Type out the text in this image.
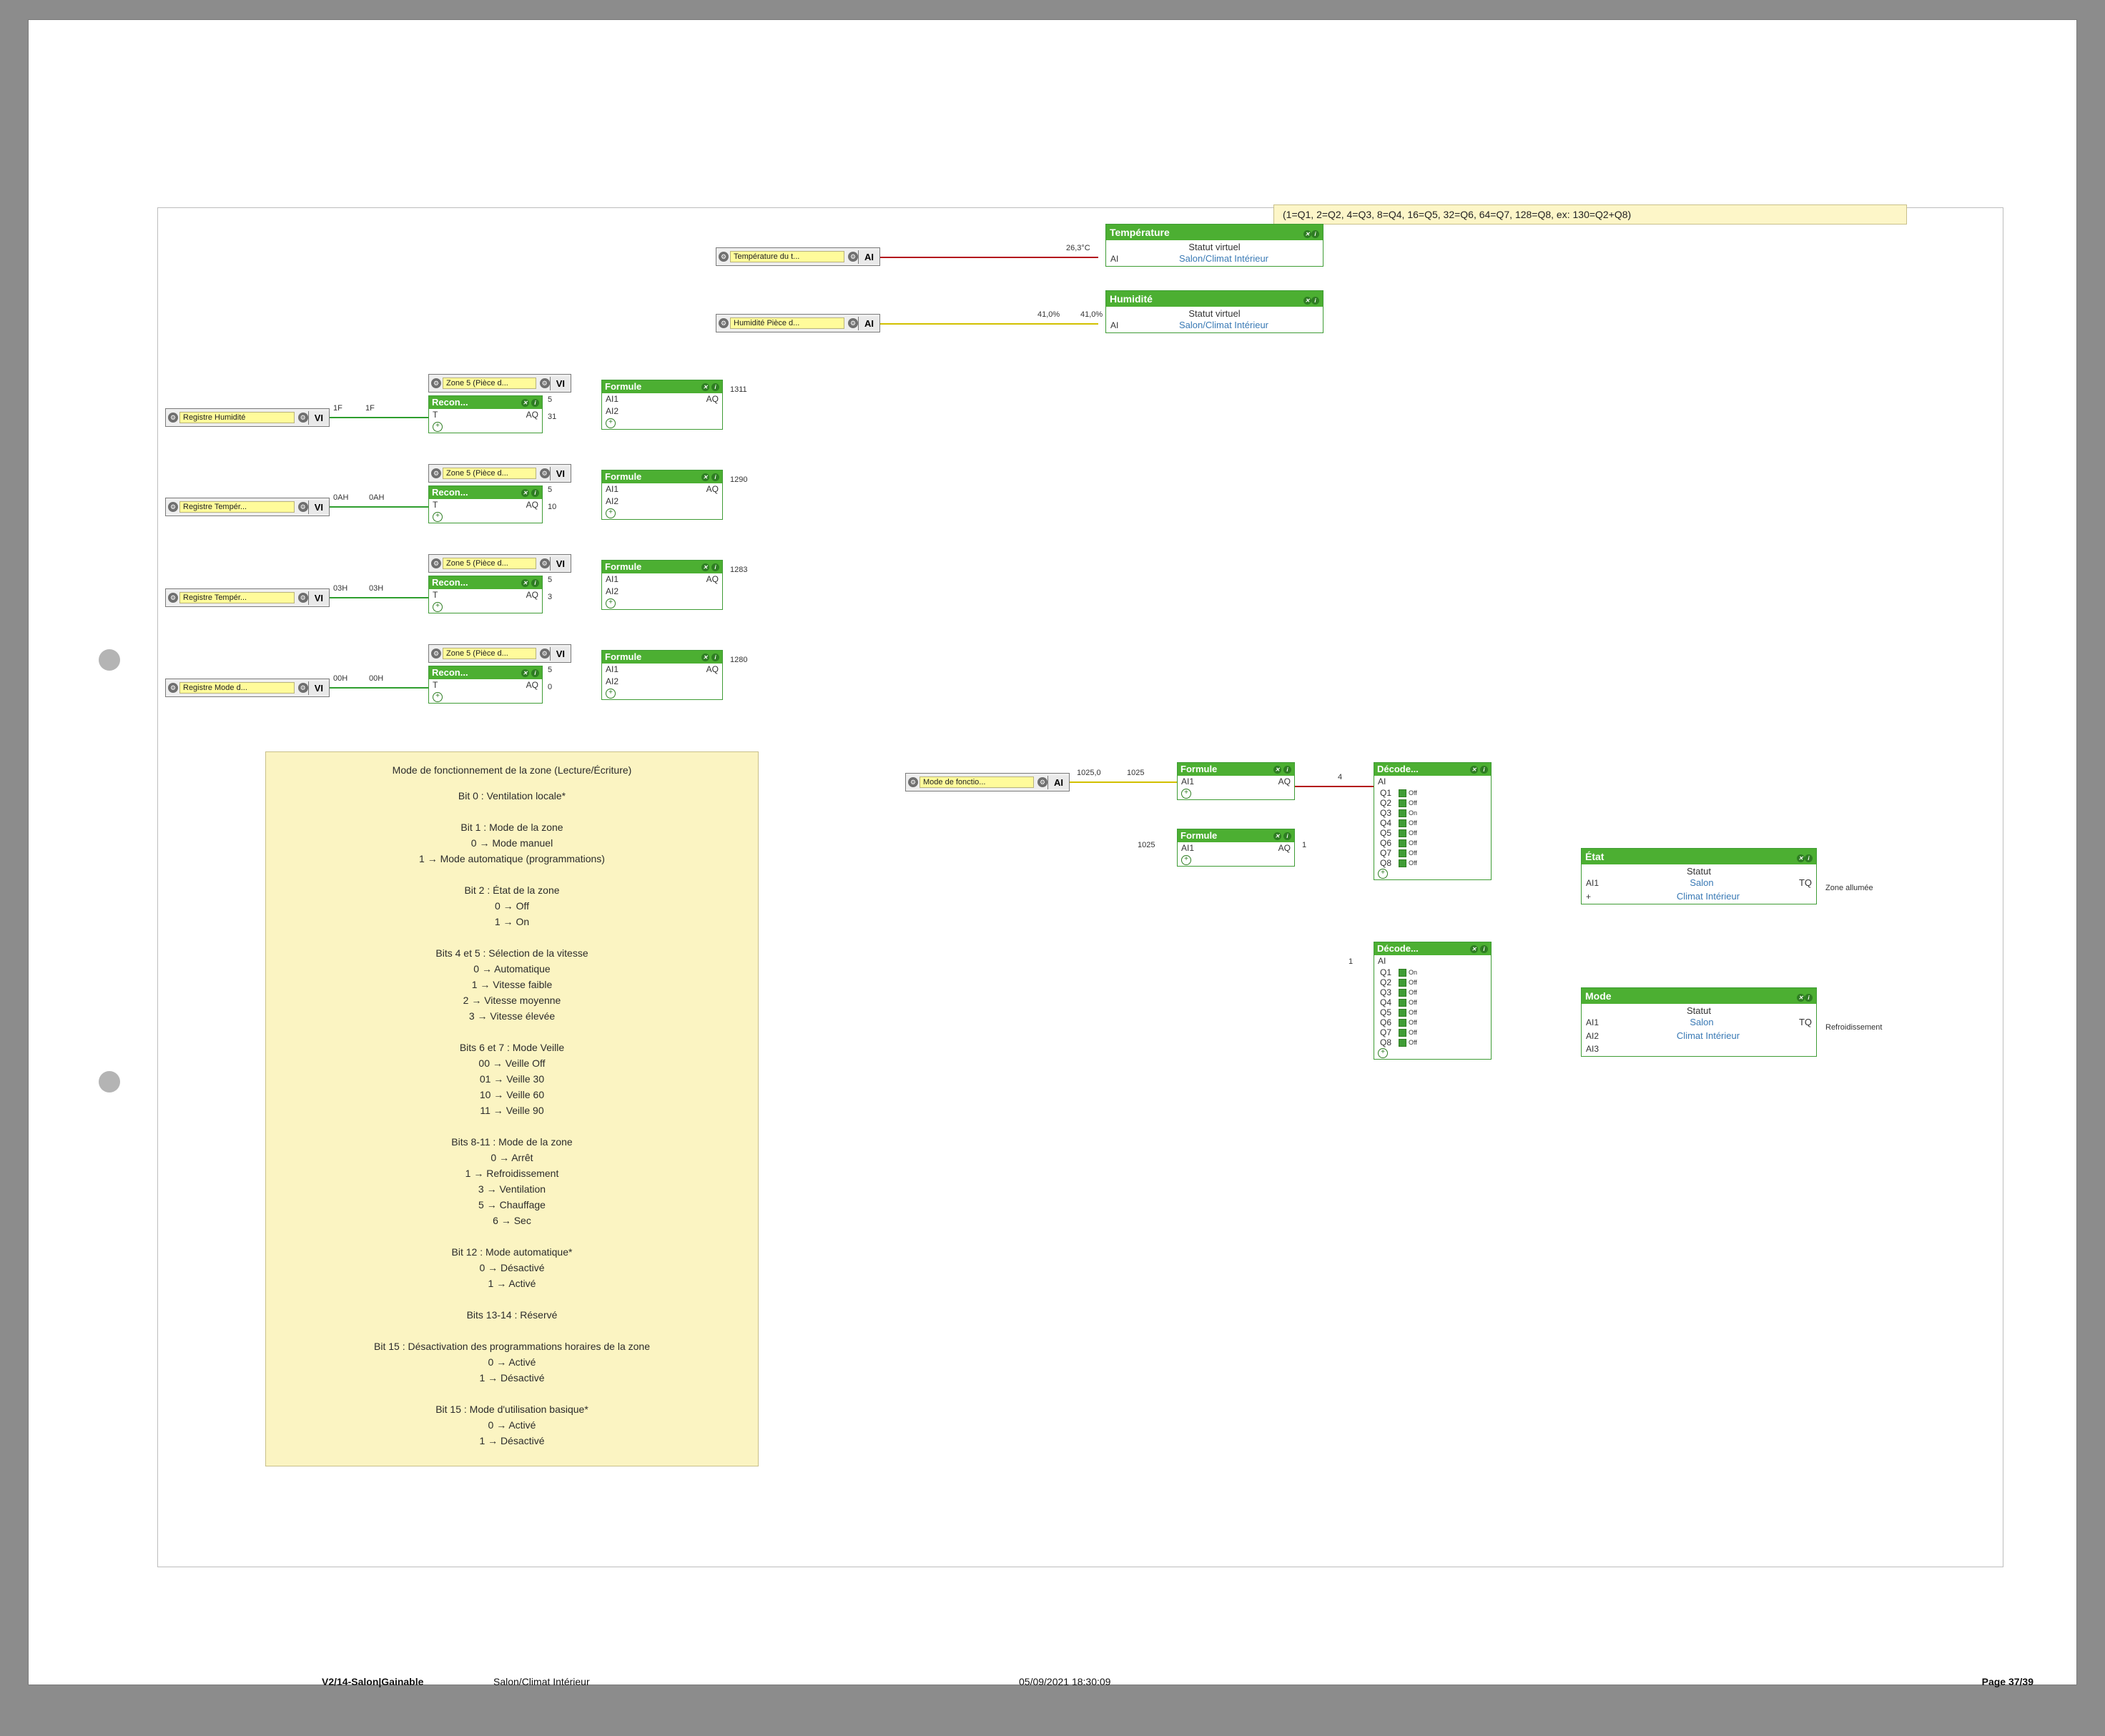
(1=Q1, 2=Q2, 4=Q3, 8=Q4, 16=Q5, 32=Q6, 64=Q7, 128=Q8, ex: 130=Q2+Q8)
⚙ Température du t...	⚙ AI
26,3°C
Température	✕ i
Statut virtuel
AI	Salon/Climat Intérieur
⚙ Humidité Pièce d...	⚙ AI
41,0%	41,0%
Humidité	✕ i
Statut virtuel
AI	Salon/Climat Intérieur
⚙ Registre Humidité	⚙ VI
1F	1F
⚙ Zone 5 (Pièce d...	⚙ VI
Recon...	✕	i
T	AQ
+
5
31
Formule	✕	i
AI1	AQ
AI2
+
1311
⚙ Registre Tempér...	⚙ VI
0AH	0AH
⚙ Zone 5 (Pièce d...	⚙ VI
Recon...	✕	i
T	AQ
+
5
10
Formule	✕	i
AI1	AQ
AI2
+
1290
⚙ Registre Tempér...	⚙ VI
03H	03H
⚙ Zone 5 (Pièce d...	⚙ VI
Recon...	✕	i
T	AQ
+
5
3
Formule	✕	i
AI1	AQ
AI2
+
1283
⚙ Registre Mode d...	⚙ VI
00H	00H
⚙ Zone 5 (Pièce d...	⚙ VI
Recon...	✕	i
T	AQ
+
5
0
Formule	✕	i
AI1	AQ
AI2
+
1280
Mode de fonctionnement de la zone (Lecture/Écriture)
Bit 0 : Ventilation locale*

Bit 1 : Mode de la zone
0 → Mode manuel
1 → Mode automatique (programmations)

Bit 2 : État de la zone
0 → Off
1 → On

Bits 4 et 5 : Sélection de la vitesse
0 → Automatique
1 → Vitesse faible
2 → Vitesse moyenne
3 → Vitesse élevée

Bits 6 et 7 : Mode Veille
00 → Veille Off
01 → Veille 30
10 → Veille 60
11 → Veille 90

Bits 8-11 : Mode de la zone
0 → Arrêt
1 → Refroidissement
3 → Ventilation
5 → Chauffage
6 → Sec

Bit 12 : Mode automatique*
0 → Désactivé
1 → Activé

Bits 13-14 : Réservé

Bit 15 : Désactivation des programmations horaires de la zone
0 → Activé
1 → Désactivé

Bit 15 : Mode d'utilisation basique*
0 → Activé
1 → Désactivé
⚙ Mode de fonctio...	⚙ AI
1025,0	1025	Formule	✕	i
AI1	AQ
+
4
Formule	✕	i
AI1	AQ
+
1025	1
Décode...	✕	i
AI
Q1	Off
Q2	Off
Q3	On
Q4	Off
Q5	Off
Q6	Off
Q7	Off
Q8	Off
+
Décode...	✕	i
AI
Q1	On
Q2	Off
Q3	Off
Q4	Off
Q5	Off
Q6	Off
Q7	Off
Q8	Off
+
1
État	✕ i
Statut
AI1	Salon	TQ
+	Climat Intérieur
Zone allumée
Mode	✕ i
Statut
AI1	Salon	TQ
AI2	Climat Intérieur
AI3
Refroidissement
V2/14-Salon|Gainable	Salon/Climat Intérieur	05/09/2021 18:30:09	Page 37/39
